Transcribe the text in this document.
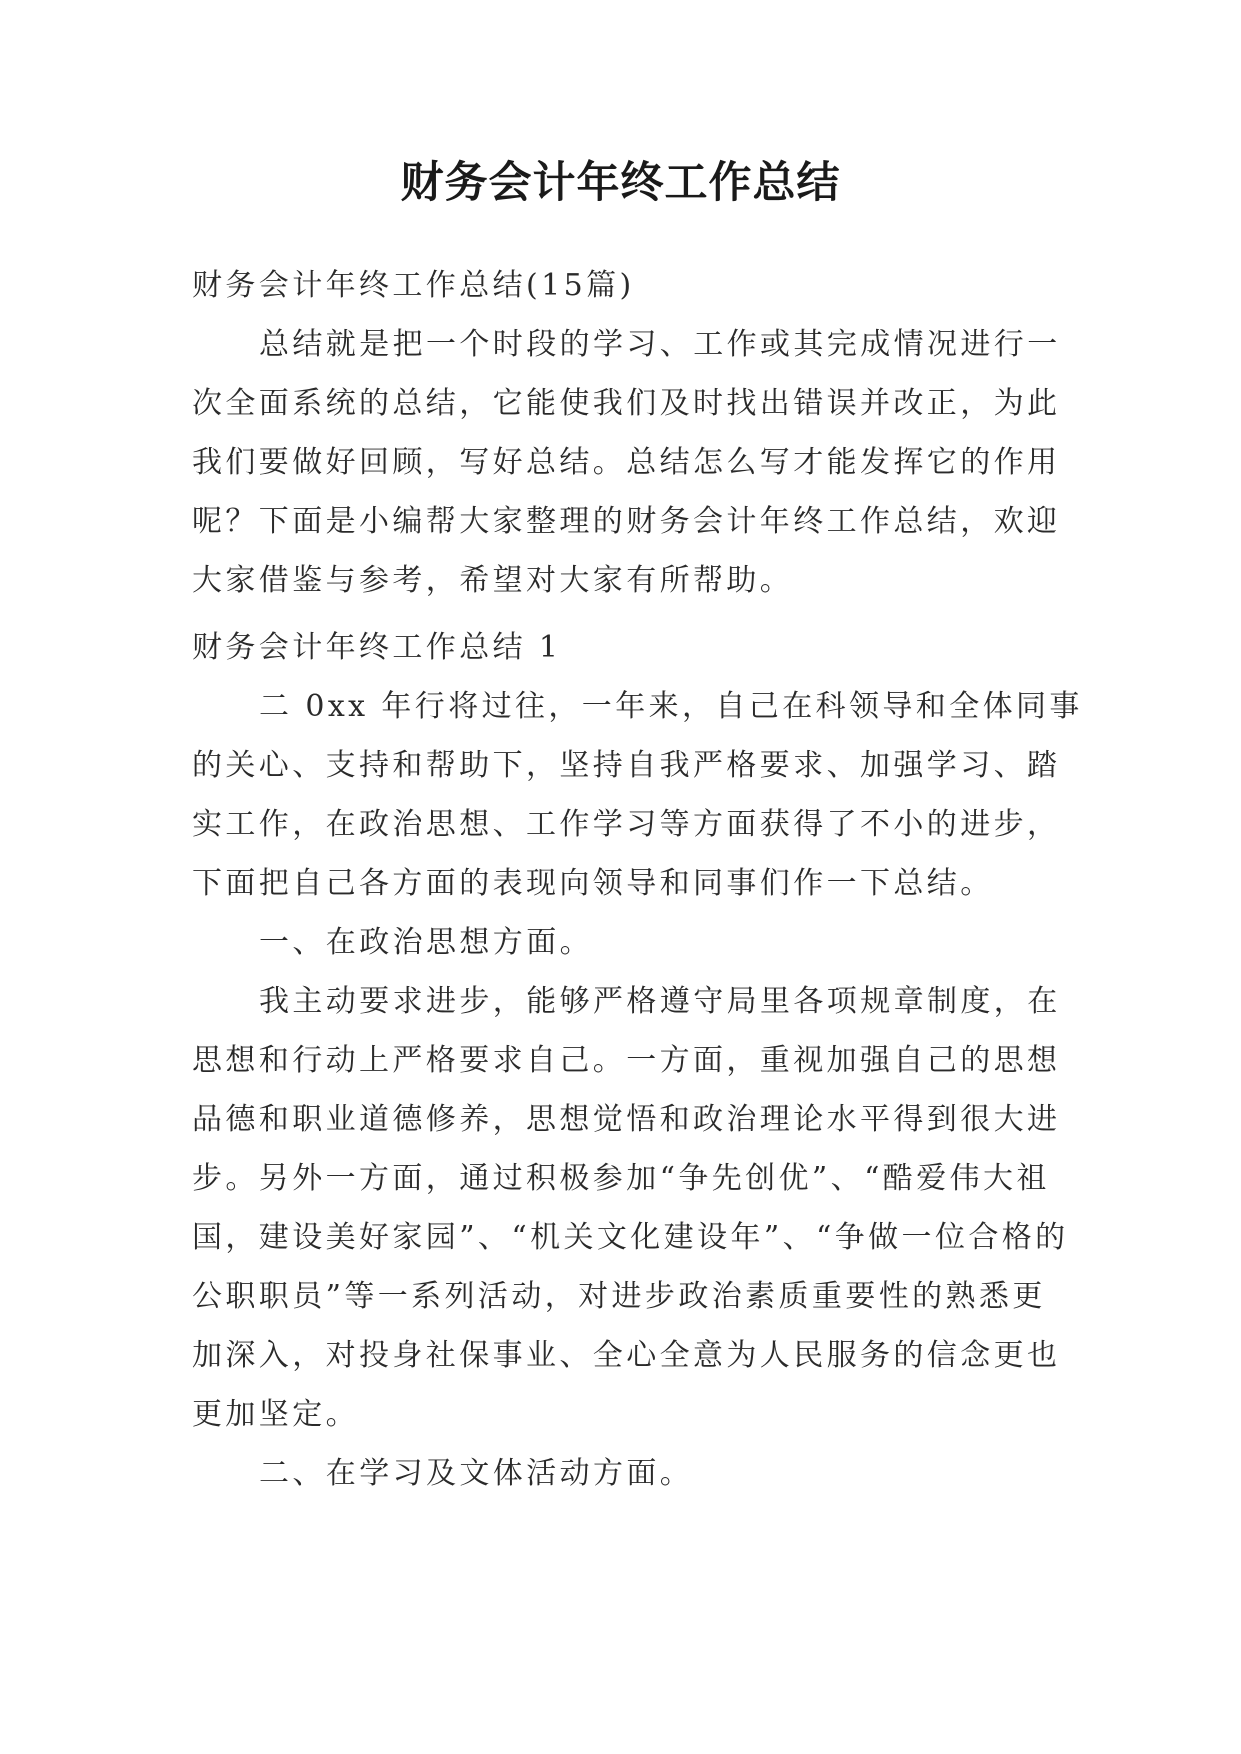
财务会计年终工作总结
财务会计年终工作总结(15篇)
总结就是把一个时段的学习、工作或其完成情况进行一
次全面系统的总结，它能使我们及时找出错误并改正，为此
我们要做好回顾，写好总结。总结怎么写才能发挥它的作用
呢？下面是小编帮大家整理的财务会计年终工作总结，欢迎
大家借鉴与参考，希望对大家有所帮助。
财务会计年终工作总结 1
二 0xx 年行将过往，一年来，自己在科领导和全体同事
的关心、支持和帮助下，坚持自我严格要求、加强学习、踏
实工作，在政治思想、工作学习等方面获得了不小的进步，
下面把自己各方面的表现向领导和同事们作一下总结。
一、在政治思想方面。
我主动要求进步，能够严格遵守局里各项规章制度，在
思想和行动上严格要求自己。一方面，重视加强自己的思想
品德和职业道德修养，思想觉悟和政治理论水平得到很大进
步。另外一方面，通过积极参加“争先创优”、“酷爱伟大祖
国，建设美好家园”、“机关文化建设年”、“争做一位合格的
公职职员”等一系列活动，对进步政治素质重要性的熟悉更
加深入，对投身社保事业、全心全意为人民服务的信念更也
更加坚定。
二、在学习及文体活动方面。
